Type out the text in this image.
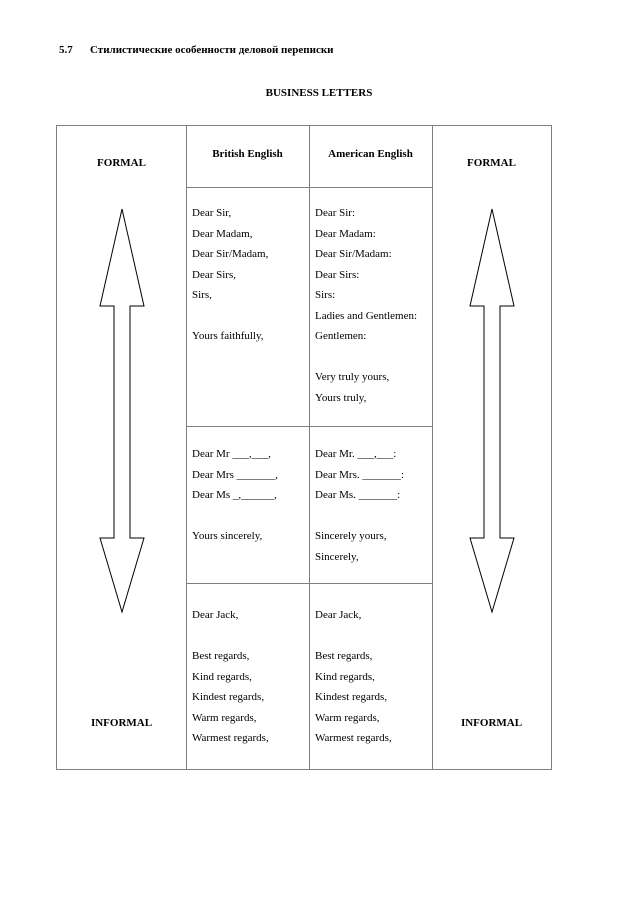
5.7 Стилистические особенности деловой переписки
BUSINESS LETTERS
FORMAL
INFORMAL
FORMAL
INFORMAL
British English	American English
Dear Sir,
Dear Madam,
Dear Sir/Madam,
Dear Sirs,
Sirs,
Yours faithfully,
Dear Sir:
Dear Madam:
Dear Sir/Madam:
Dear Sirs:
Sirs:
Ladies and Gentlemen:
Gentlemen:
Very truly yours,
Yours truly,
Dear Mr ___,___,
Dear Mrs _______,
Dear Ms _,______,
Yours sincerely,
Dear Mr. ___,___:
Dear Mrs. _______:
Dear Ms. _______:
Sincerely yours,
Sincerely,
Dear Jack,
Best regards,
Kind regards,
Kindest regards,
Warm regards,
Warmest regards,
Dear Jack,
Best regards,
Kind regards,
Kindest regards,
Warm regards,
Warmest regards,
